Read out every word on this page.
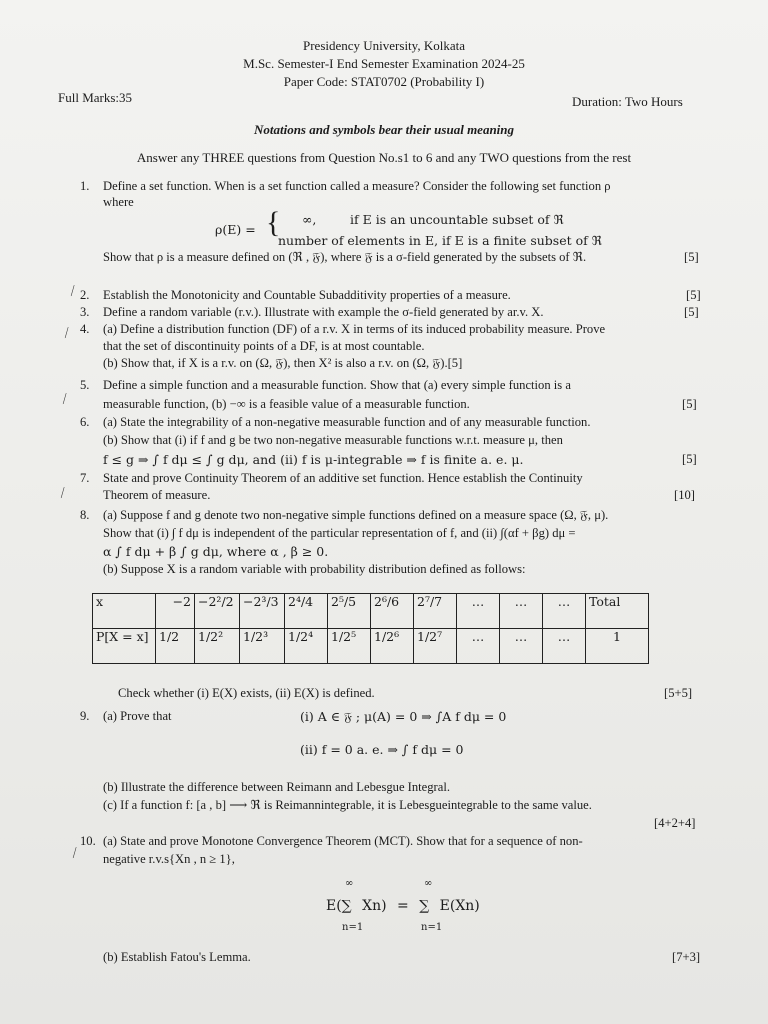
Presidency University, Kolkata
M.Sc. Semester-I End Semester Examination 2024-25
Paper Code: STAT0702 (Probability I)
Full Marks:35	Duration: Two Hours
Notations and symbols bear their usual meaning
Answer any THREE questions from Question No.s1 to 6 and any TWO questions from the rest
1. Define a set function. When is a set function called a measure? Consider the following set function ρ
where
ρ(E) = { ∞,	if E is an uncountable subset of ℜ
number of elements in E, if E is a finite subset of ℜ
Show that ρ is a measure defined on (ℜ , 𝔉), where 𝔉 is a σ-field generated by the subsets of ℜ.	[5]
⁄ 2. Establish the Monotonicity and Countable Subadditivity properties of a measure.	[5]
3. Define a random variable (r.v.). Illustrate with example the σ-field generated by ar.v. X.	[5]
⁄ 4. (a) Define a distribution function (DF) of a r.v. X in terms of its induced probability measure. Prove
that the set of discontinuity points of a DF, is at most countable.
(b) Show that, if X is a r.v. on (Ω, 𝔉), then X² is also a r.v. on (Ω, 𝔉).[5]
⁄
5. Define a simple function and a measurable function. Show that (a) every simple function is a
measurable function, (b) −∞ is a feasible value of a measurable function.	[5]
6. (a) State the integrability of a non-negative measurable function and of any measurable function.
(b) Show that (i) if f and g be two non-negative measurable functions w.r.t. measure μ, then
f ≤ g ⇒ ∫ f dμ ≤ ∫ g dμ, and (ii) f is μ-integrable ⇒ f is finite a. e. μ.	[5]
⁄
7. State and prove Continuity Theorem of an additive set function. Hence establish the Continuity
Theorem of measure.	[10]
8. (a) Suppose f and g denote two non-negative simple functions defined on a measure space (Ω, 𝔉, μ).
Show that (i) ∫ f dμ is independent of the particular representation of f, and (ii) ∫(αf + βg) dμ =
α ∫ f dμ + β ∫ g dμ, where α , β ≥ 0.
(b) Suppose X is a random variable with probability distribution defined as follows:
x	−2	−2²/2	−2³/3	2⁴/4	2⁵/5	2⁶/6	2⁷/7	…	…	…	Total
P[X = x]	1/2	1/2²	1/2³	1/2⁴	1/2⁵	1/2⁶	1/2⁷	…	…	…	1
Check whether (i) E(X) exists, (ii) E(X) is defined.	[5+5]
9. (a) Prove that	(i) A ∈ 𝔉 ; μ(A) = 0 ⇒ ∫A f dμ = 0
(ii) f = 0 a. e. ⇒ ∫ f dμ = 0
(b) Illustrate the difference between Reimann and Lebesgue Integral.
(c) If a function f: [a , b] ⟶ ℜ is Reimannintegrable, it is Lebesgueintegrable to the same value.
[4+2+4]
⁄
10. (a) State and prove Monotone Convergence Theorem (MCT). Show that for a sequence of non-
negative r.v.s{Xn , n ≥ 1},
∞
n=1
∞
n=1
E(∑ Xn) = ∑ E(Xn)
(b) Establish Fatou's Lemma.	[7+3]
